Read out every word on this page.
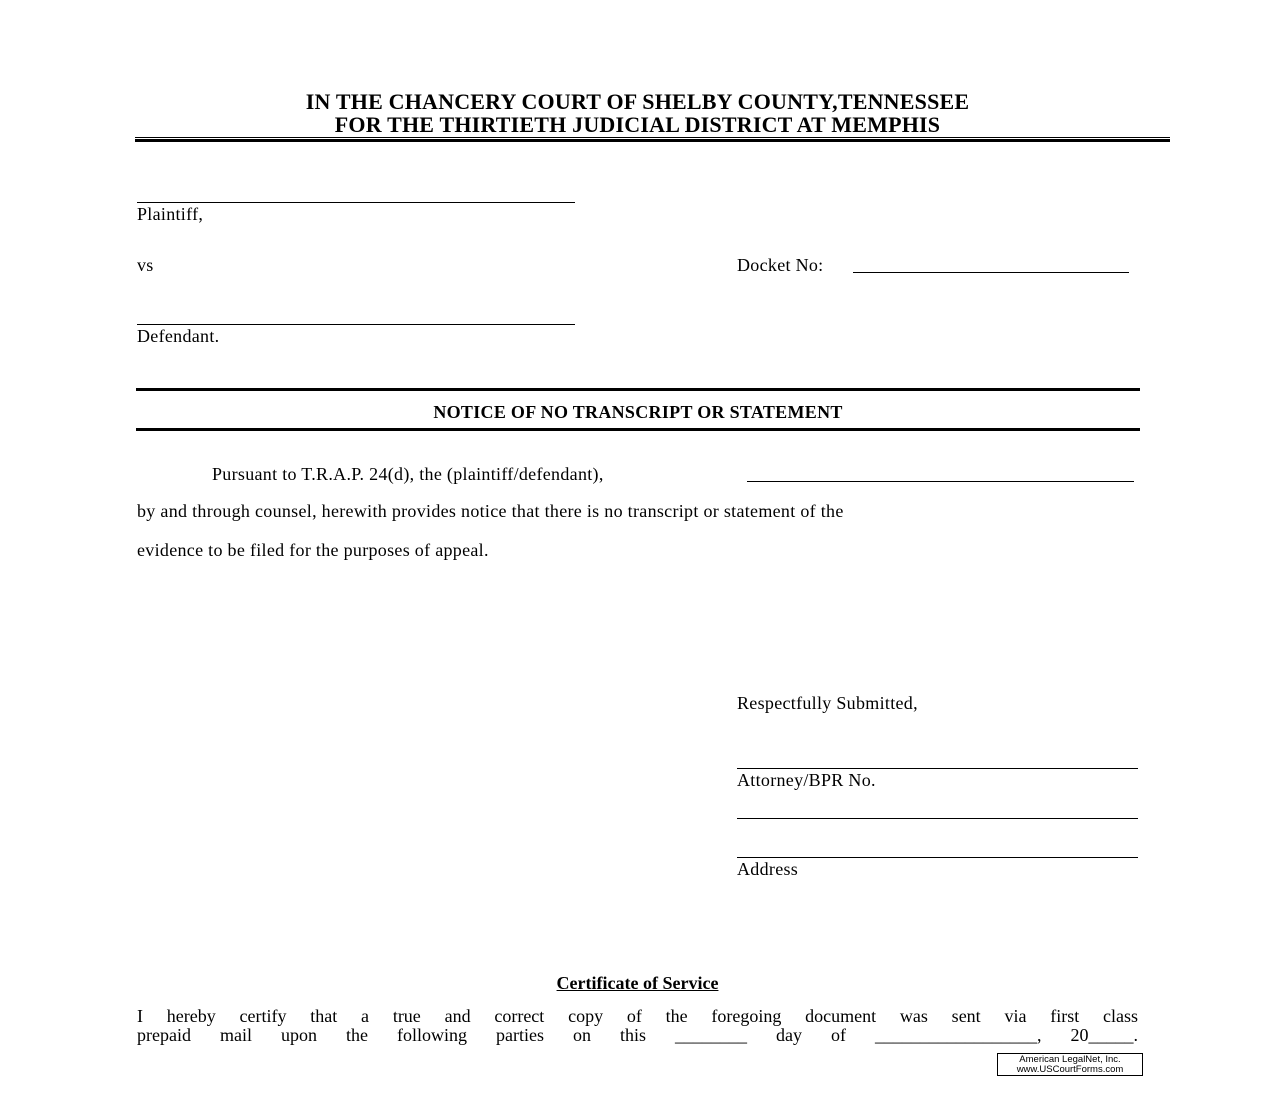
IN THE CHANCERY COURT OF SHELBY COUNTY,TENNESSEE
FOR THE THIRTIETH JUDICIAL DISTRICT AT MEMPHIS
Plaintiff,
vs	Docket No:
Defendant.
NOTICE OF NO TRANSCRIPT OR STATEMENT
Pursuant to T.R.A.P. 24(d), the (plaintiff/defendant),
by and through counsel, herewith provides notice that there is no transcript or statement of the
evidence to be filed for the purposes of appeal.
Respectfully Submitted,
Attorney/BPR No.
Address
Certificate of Service
I hereby certify that a true and correct copy of the foregoing document was sent via first class
prepaid mail upon the following parties on this ________ day of __________________, 20_____.
American LegalNet, Inc.
www.USCourtForms.com
